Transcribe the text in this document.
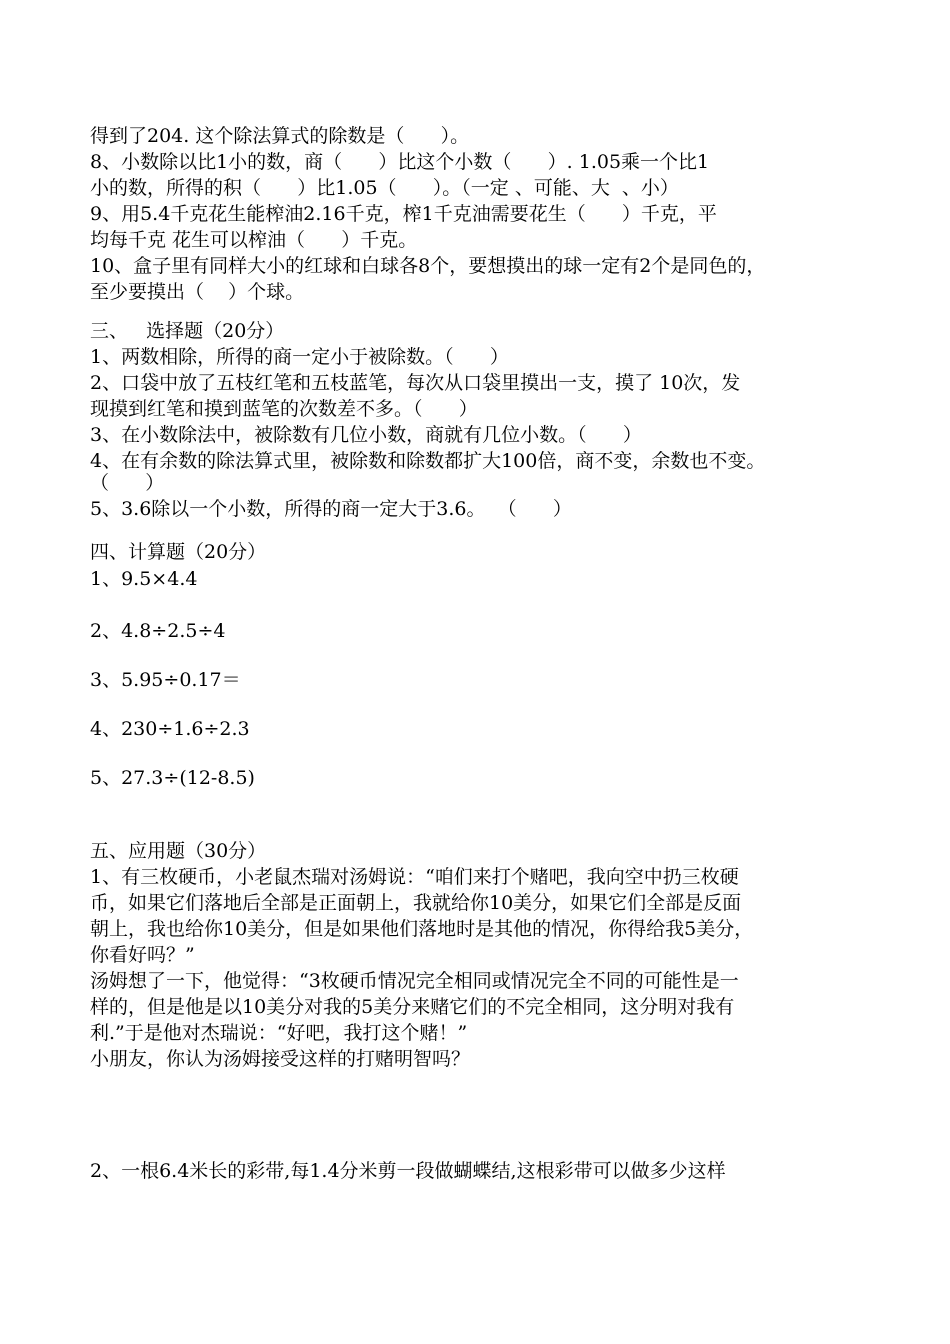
得到了204. 这个除法算式的除数是（      ）。
8、小数除以比1小的数，商（      ）比这个小数（      ）. 1.05乘一个比1
小的数，所得的积（      ）比1.05（      ）。（一定 、可能、大  、小）
9、用5.4千克花生能榨油2.16千克，榨1千克油需要花生（      ）千克，平
均每千克 花生可以榨油（      ）千克。
10、盒子里有同样大小的红球和白球各8个，要想摸出的球一定有2个是同色的，
至少要摸出（    ）个球。
三、   选择题（20分）
1、两数相除，所得的商一定小于被除数。（      ）
2、口袋中放了五枝红笔和五枝蓝笔，每次从口袋里摸出一支，摸了 10次，发
现摸到红笔和摸到蓝笔的次数差不多。（      ）
3、在小数除法中，被除数有几位小数，商就有几位小数。（      ）
4、在有余数的除法算式里，被除数和除数都扩大100倍，商不变，余数也不变。
（      ）
5、3.6除以一个小数，所得的商一定大于3.6。  （      ）
四、计算题（20分）
1、9.5×4.4
2、4.8÷2.5÷4
3、5.95÷0.17＝
4、230÷1.6÷2.3
5、27.3÷(12-8.5)
五、应用题（30分）
1、有三枚硬币，小老鼠杰瑞对汤姆说：“咱们来打个赌吧，我向空中扔三枚硬
币，如果它们落地后全部是正面朝上，我就给你10美分，如果它们全部是反面
朝上，我也给你10美分，但是如果他们落地时是其他的情况，你得给我5美分，
你看好吗？”
汤姆想了一下，他觉得：“3枚硬币情况完全相同或情况完全不同的可能性是一
样的，但是他是以10美分对我的5美分来赌它们的不完全相同，这分明对我有
利.”于是他对杰瑞说：“好吧，我打这个赌！”
小朋友，你认为汤姆接受这样的打赌明智吗？
2、一根6.4米长的彩带,每1.4分米剪一段做蝴蝶结,这根彩带可以做多少这样
